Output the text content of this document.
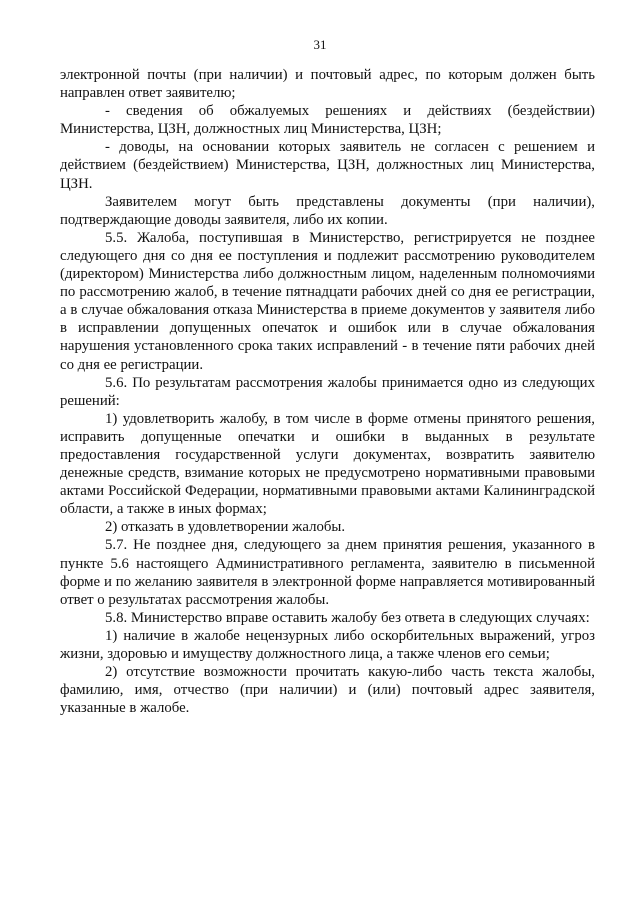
31

электронной почты (при наличии) и почтовый адрес, по которым должен быть направлен ответ заявителю;

- сведения об обжалуемых решениях и действиях (бездействии) Министерства, ЦЗН, должностных лиц Министерства, ЦЗН;

- доводы, на основании которых заявитель не согласен с решением и действием (бездействием) Министерства, ЦЗН, должностных лиц Министерства, ЦЗН.

Заявителем могут быть представлены документы (при наличии), подтверждающие доводы заявителя, либо их копии.

5.5. Жалоба, поступившая в Министерство, регистрируется не позднее следующего дня со дня ее поступления и подлежит рассмотрению руководителем (директором) Министерства либо должностным лицом, наделенным полномочиями по рассмотрению жалоб, в течение пятнадцати рабочих дней со дня ее регистрации, а в случае обжалования отказа Министерства в приеме документов у заявителя либо в исправлении допущенных опечаток и ошибок или в случае обжалования нарушения установленного срока таких исправлений - в течение пяти рабочих дней со дня ее регистрации.

5.6. По результатам рассмотрения жалобы принимается одно из следующих решений:

1) удовлетворить жалобу, в том числе в форме отмены принятого решения, исправить допущенные опечатки и ошибки в выданных в результате предоставления государственной услуги документах, возвратить заявителю денежные средств, взимание которых не предусмотрено нормативными правовыми актами Российской Федерации, нормативными правовыми актами Калининградской области, а также в иных формах;

2) отказать в удовлетворении жалобы.

5.7. Не позднее дня, следующего за днем принятия решения, указанного в пункте 5.6 настоящего Административного регламента, заявителю в письменной форме и по желанию заявителя в электронной форме направляется мотивированный ответ о результатах рассмотрения жалобы.

5.8. Министерство вправе оставить жалобу без ответа в следующих случаях:

1) наличие в жалобе нецензурных либо оскорбительных выражений, угроз жизни, здоровью и имуществу должностного лица, а также членов его семьи;

2) отсутствие возможности прочитать какую-либо часть текста жалобы, фамилию, имя, отчество (при наличии) и (или) почтовый адрес заявителя, указанные в жалобе.
